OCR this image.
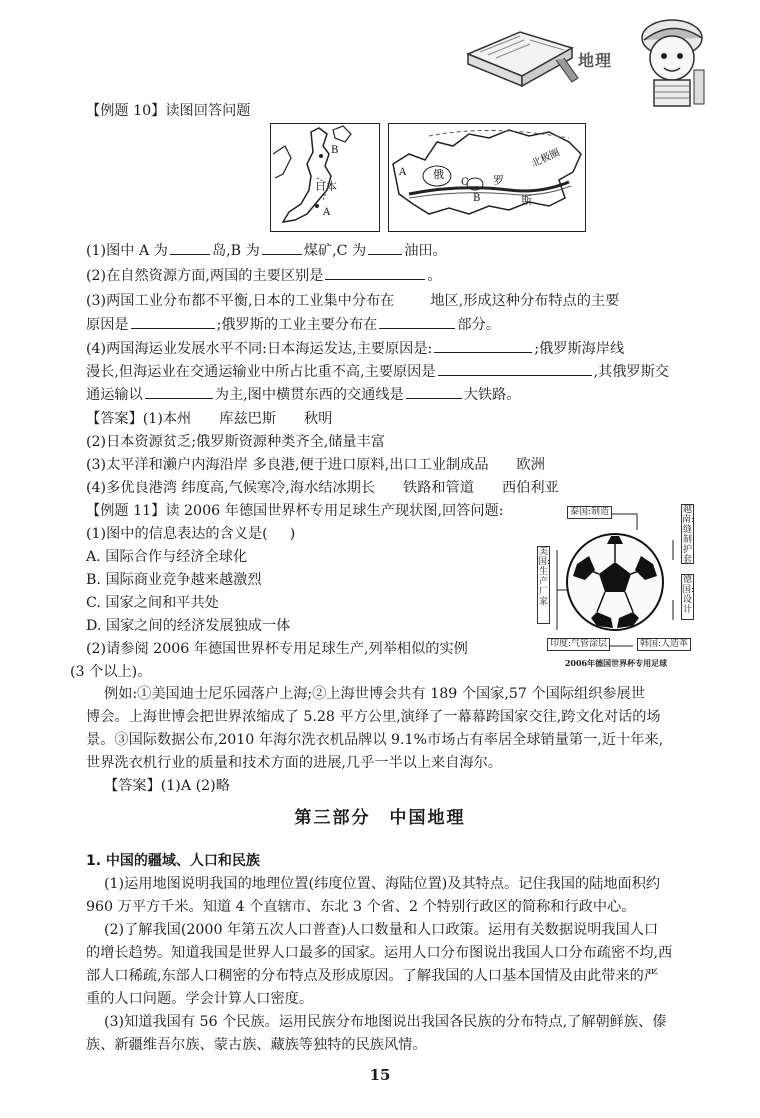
地理
【例题 10】读图回答问题
B
日本
A
A 俄
C
B
罗
斯
北极圈
(1)图中 A 为	岛,B 为	煤矿,C 为	油田。
(2)在自然资源方面,两国的主要区别是	。
(3)两国工业分布都不平衡,日本的工业集中分布在	地区,形成这种分布特点的主要
原因是	;俄罗斯的工业主要分布在	部分。
(4)两国海运业发展水平不同:日本海运发达,主要原因是:	;俄罗斯海岸线
漫长,但海运业在交通运输业中所占比重不高,主要原因是	,其俄罗斯交
通运输以	为主,图中横贯东西的交通线是	大铁路。
【答案】(1)本州 库兹巴斯 秋明
(2)日本资源贫乏;俄罗斯资源种类齐全,储量丰富
(3)太平洋和濑户内海沿岸 多良港,便于进口原料,出口工业制成品 欧洲
(4)多优良港湾 纬度高,气候寒冷,海水结冰期长 铁路和管道 西伯利亚
【例题 11】读 2006 年德国世界杯专用足球生产现状图,回答问题:
(1)图中的信息表达的含义是( )
A. 国际合作与经济全球化
B. 国际商业竞争越来越激烈
C. 国家之间和平共处
D. 国家之间的经济发展独成一体
(2)请参阅 2006 年德国世界杯专用足球生产,列举相似的实例
(3 个以上)。
泰国:制造	越南:缝制护套
德国:设计
美国:生产厂家
印度:气管涂层	韩国:人造革
2006年德国世界杯专用足球
例如:①美国迪士尼乐园落户上海;②上海世博会共有 189 个国家,57 个国际组织参展世
博会。上海世博会把世界浓缩成了 5.28 平方公里,演绎了一幕幕跨国家交往,跨文化对话的场
景。③国际数据公布,2010 年海尔洗衣机品牌以 9.1%市场占有率居全球销量第一,近十年来,
世界洗衣机行业的质量和技术方面的进展,几乎一半以上来自海尔。
【答案】(1)A (2)略
第三部分　中国地理
1. 中国的疆域、人口和民族
(1)运用地图说明我国的地理位置(纬度位置、海陆位置)及其特点。记住我国的陆地面积约
960 万平方千米。知道 4 个直辖市、东北 3 个省、2 个特别行政区的简称和行政中心。
(2)了解我国(2000 年第五次人口普查)人口数量和人口政策。运用有关数据说明我国人口
的增长趋势。知道我国是世界人口最多的国家。运用人口分布图说出我国人口分布疏密不均,西
部人口稀疏,东部人口稠密的分布特点及形成原因。了解我国的人口基本国情及由此带来的严
重的人口问题。学会计算人口密度。
(3)知道我国有 56 个民族。运用民族分布地图说出我国各民族的分布特点,了解朝鲜族、傣
族、新疆维吾尔族、蒙古族、藏族等独特的民族风情。
15
